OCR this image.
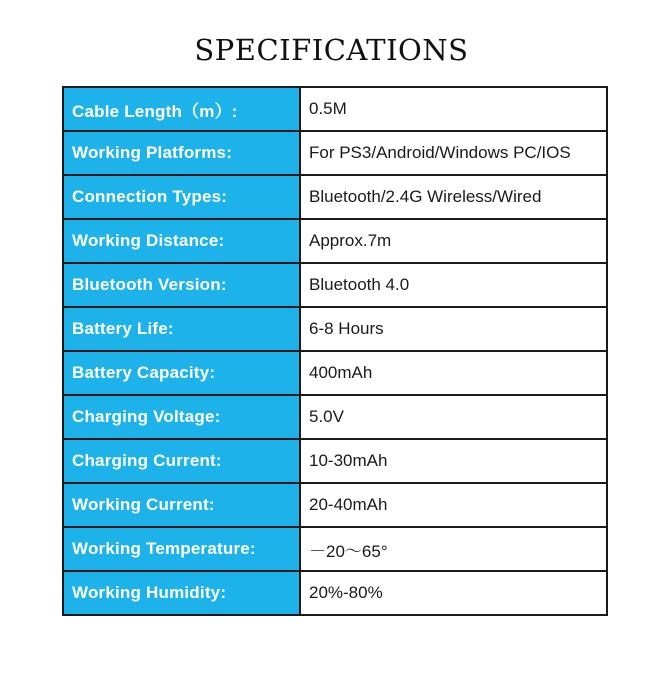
SPECIFICATIONS
Cable Length（m）:	0.5M
Working Platforms:	For PS3/Android/Windows PC/IOS
Connection Types:	Bluetooth/2.4G Wireless/Wired
Working Distance:	Approx.7m
Bluetooth Version:	Bluetooth 4.0
Battery Life:	6-8 Hours
Battery Capacity:	400mAh
Charging Voltage:	5.0V
Charging Current:	10-30mAh
Working Current:	20-40mAh
Working Temperature:	－20～65°
Working Humidity:	20%-80%
